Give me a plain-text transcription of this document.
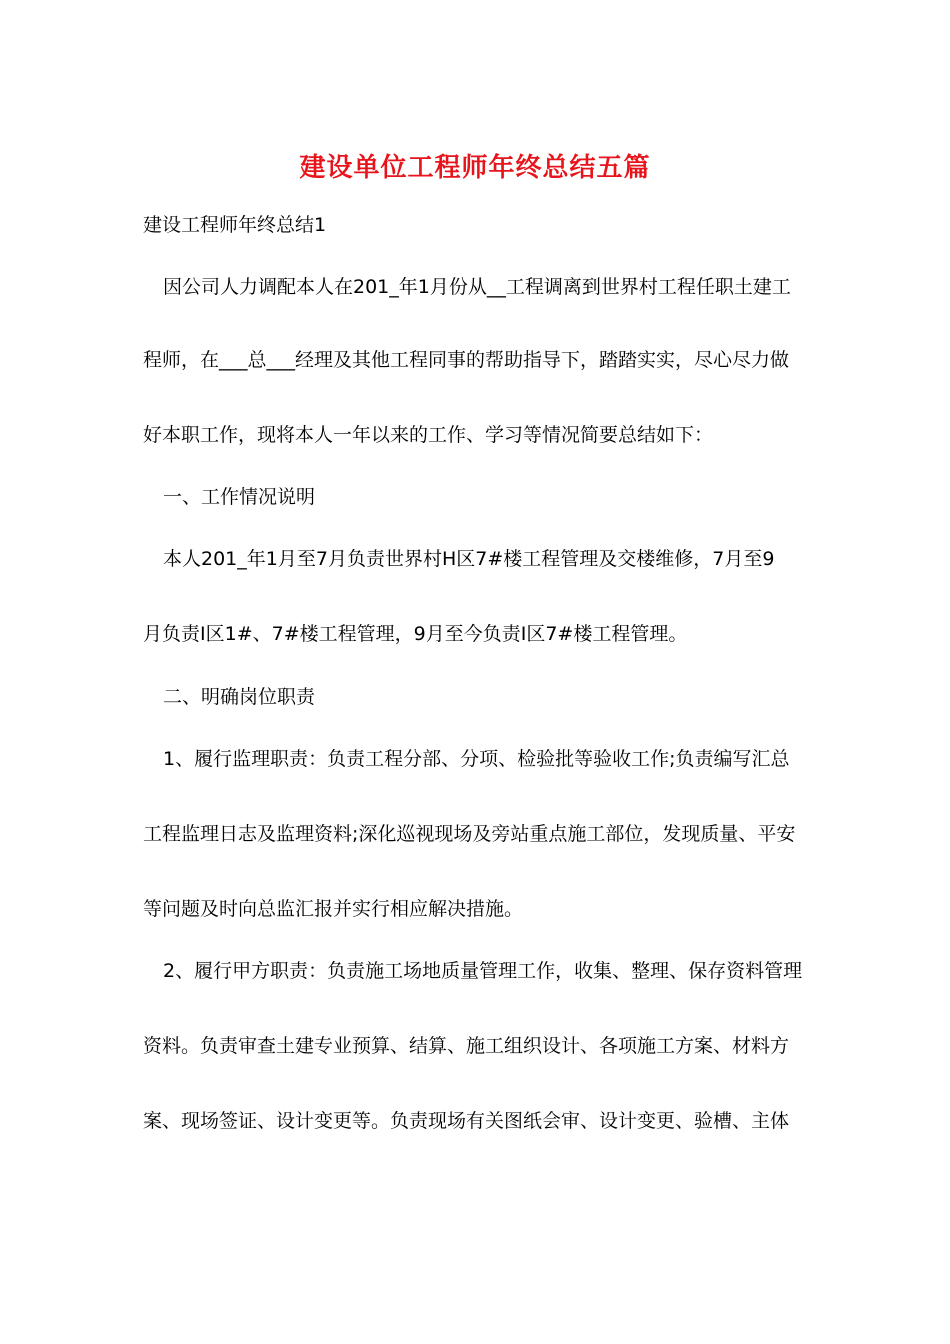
建设单位工程师年终总结五篇
建设工程师年终总结1
因公司人力调配本人在201_年1月份从__工程调离到世界村工程任职土建工
程师，在___总___经理及其他工程同事的帮助指导下，踏踏实实，尽心尽力做
好本职工作，现将本人一年以来的工作、学习等情况简要总结如下：
一、工作情况说明
本人201_年1月至7月负责世界村H区7#楼工程管理及交楼维修，7月至9
月负责I区1#、7#楼工程管理，9月至今负责I区7#楼工程管理。
二、明确岗位职责
1、履行监理职责：负责工程分部、分项、检验批等验收工作;负责编写汇总
工程监理日志及监理资料;深化巡视现场及旁站重点施工部位，发现质量、平安
等问题及时向总监汇报并实行相应解决措施。
2、履行甲方职责：负责施工场地质量管理工作，收集、整理、保存资料管理
资料。负责审查土建专业预算、结算、施工组织设计、各项施工方案、材料方
案、现场签证、设计变更等。负责现场有关图纸会审、设计变更、验槽、主体
